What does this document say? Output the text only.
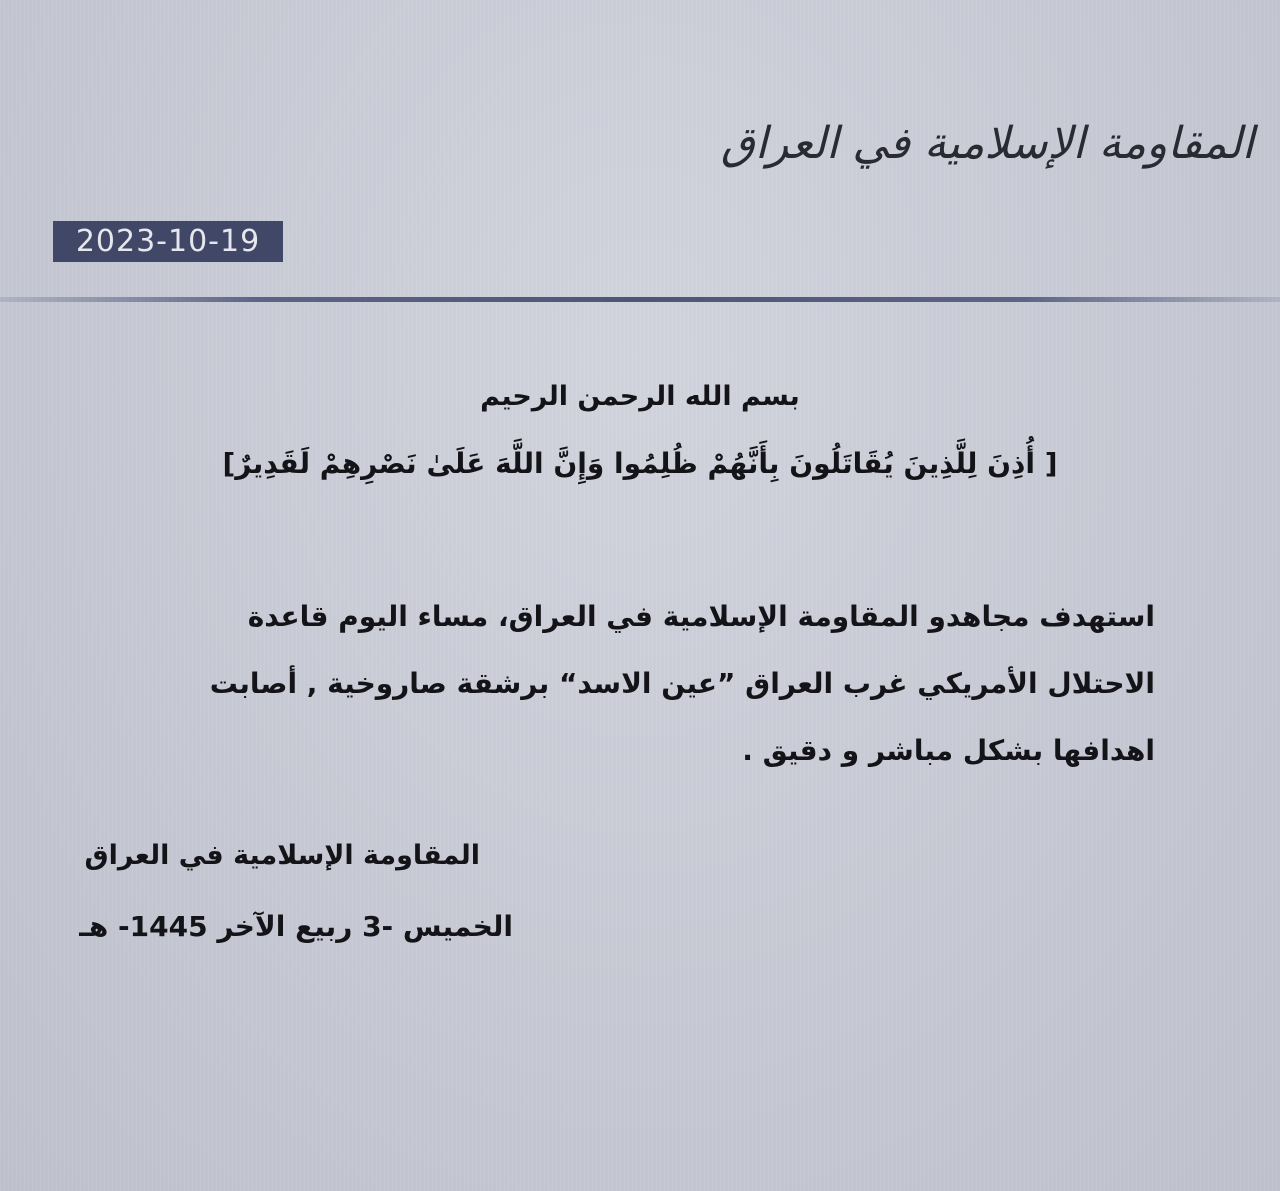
المقاومة الإسلامية في العراق
2023-10-19
بسم الله الرحمن الرحيم
[ أُذِنَ لِلَّذِينَ يُقَاتَلُونَ بِأَنَّهُمْ ظُلِمُوا وَإِنَّ اللَّهَ عَلَىٰ نَصْرِهِمْ لَقَدِيرٌ]

استهدف مجاهدو المقاومة الإسلامية في العراق، مساء اليوم قاعدة الاحتلال الأمريكي غرب العراق ”عين الاسد“ برشقة صاروخية , أصابت اهدافها بشكل مباشر و دقيق .

المقاومة الإسلامية في العراق
الخميس -3 ربيع الآخر 1445- هـ
